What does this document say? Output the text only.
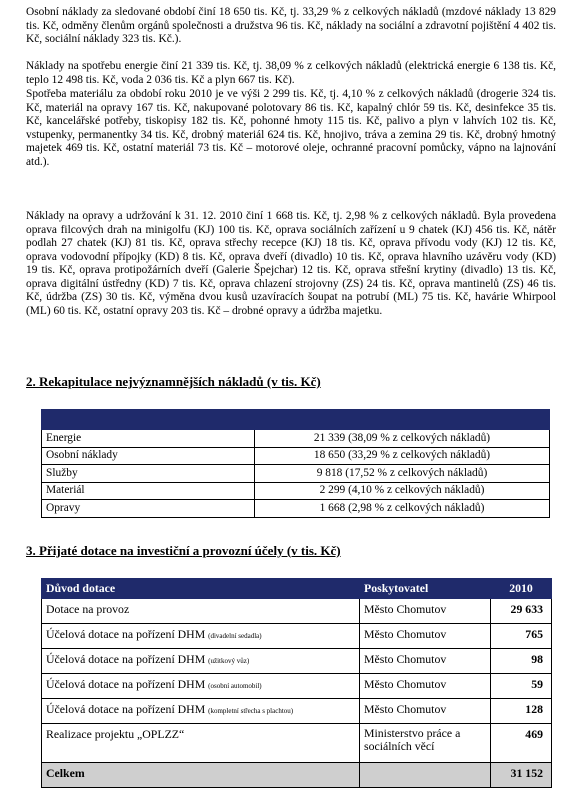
Osobní náklady za sledované období činí 18 650 tis. Kč, tj. 33,29 % z celkových nákladů (mzdové náklady 13 829 tis. Kč, odměny členům orgánů společnosti a družstva 96 tis. Kč, náklady na sociální a zdravotní pojištění 4 402 tis. Kč, sociální náklady 323 tis. Kč.).

Náklady na spotřebu energie činí 21 339 tis. Kč, tj. 38,09 % z celkových nákladů (elektrická energie 6 138 tis. Kč, teplo 12 498 tis. Kč, voda 2 036 tis. Kč a plyn 667 tis. Kč).

Spotřeba materiálu za období roku 2010 je ve výši 2 299 tis. Kč, tj. 4,10 % z celkových nákladů (drogerie 324 tis. Kč, materiál na opravy 167 tis. Kč, nakupované polotovary 86 tis. Kč, kapalný chlór 59 tis. Kč, desinfekce 35 tis. Kč, kancelářské potřeby, tiskopisy 182 tis. Kč, pohonné hmoty 115 tis. Kč, palivo a plyn v lahvích 102 tis. Kč, vstupenky, permanentky 34 tis. Kč, drobný materiál 624 tis. Kč, hnojivo, tráva a zemina 29 tis. Kč, drobný hmotný majetek 469 tis. Kč, ostatní materiál 73 tis. Kč – motorové oleje, ochranné pracovní pomůcky, vápno na lajnování atd.).

Náklady na opravy a udržování k 31. 12. 2010 činí 1 668 tis. Kč, tj. 2,98 % z celkových nákladů. Byla provedena oprava filcových drah na minigolfu (KJ) 100 tis. Kč, oprava sociálních zařízení u 9 chatek (KJ) 456 tis. Kč, nátěr podlah 27 chatek (KJ) 81 tis. Kč, oprava střechy recepce (KJ) 18 tis. Kč, oprava přívodu vody (KJ) 12 tis. Kč, oprava vodovodní přípojky (KD) 8 tis. Kč, oprava dveří (divadlo) 10 tis. Kč, oprava hlavního uzávěru vody (KD) 19 tis. Kč, oprava protipožárních dveří (Galerie Špejchar) 12 tis. Kč, oprava střešní krytiny (divadlo) 13 tis. Kč, oprava digitální ústředny (KD) 7 tis. Kč, oprava chlazení strojovny (ZS) 24 tis. Kč, oprava mantinelů (ZS) 46 tis. Kč, údržba (ZS) 30 tis. Kč, výměna dvou kusů uzavíracích šoupat na potrubí (ML) 75 tis. Kč, havárie Whirpool (ML) 60 tis. Kč, ostatní opravy 203 tis. Kč – drobné opravy a údržba majetku.

2. Rekapitulace nejvýznamnějších nákladů (v tis. Kč)

Energie	21 339 (38,09 % z celkových nákladů)
Osobní náklady	18 650 (33,29 % z celkových nákladů)
Služby	9 818 (17,52 % z celkových nákladů)
Materiál	2 299 (4,10 % z celkových nákladů)
Opravy	1 668 (2,98 % z celkových nákladů)
3. Přijaté dotace na investiční a provozní účely (v tis. Kč)
Důvod dotace	Poskytovatel	2010
Dotace na provoz	Město Chomutov	29 633
Účelová dotace na pořízení DHM (divadelní sedadla)	Město Chomutov	765
Účelová dotace na pořízení DHM (užitkový vůz)	Město Chomutov	98
Účelová dotace na pořízení DHM (osobní automobil)	Město Chomutov	59
Účelová dotace na pořízení DHM (kompletní střecha s plachtou)	Město Chomutov	128
Realizace projektu „OPLZZ“	Ministerstvo práce a sociálních věcí	469
Celkem		31 152
